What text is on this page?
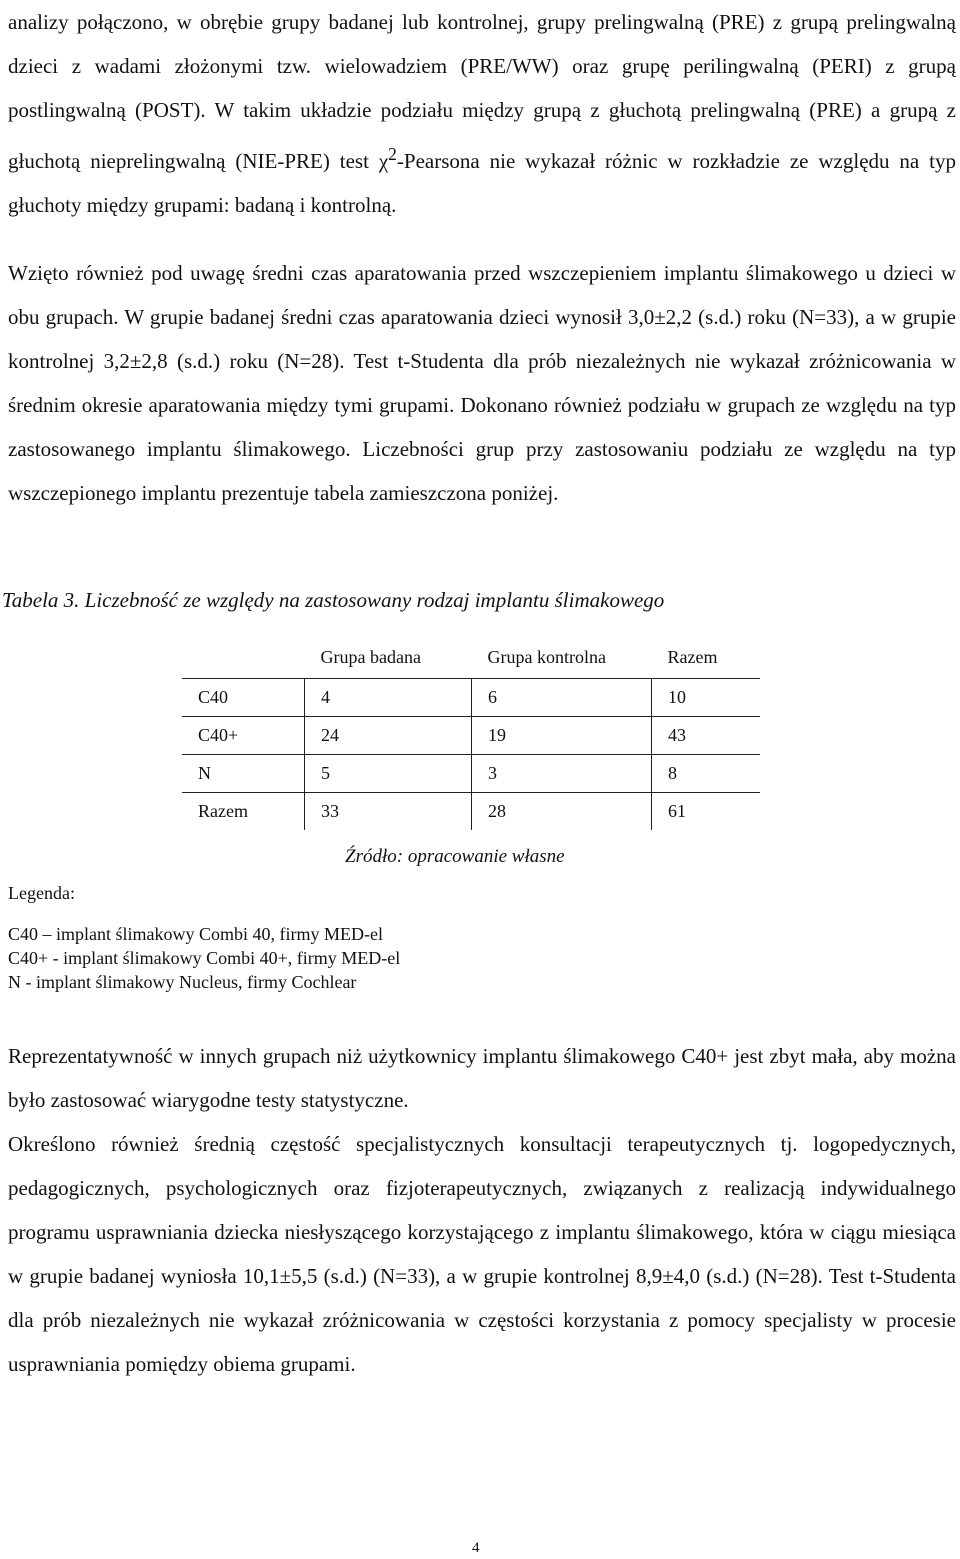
analizy połączono, w obrębie grupy badanej lub kontrolnej, grupy prelingwalną (PRE) z grupą prelingwalną dzieci z wadami złożonymi tzw. wielowadziem (PRE/WW) oraz grupę perilingwalną (PERI) z grupą postlingwalną (POST). W takim układzie podziału między grupą z głuchotą prelingwalną (PRE) a grupą z głuchotą nieprelingwalną (NIE-PRE) test $\chi^2$-Pearsona nie wykazał różnic w rozkładzie ze względu na typ głuchoty między grupami: badaną i kontrolną.

Wzięto również pod uwagę średni czas aparatowania przed wszczepieniem implantu ślimakowego u dzieci w obu grupach. W grupie badanej średni czas aparatowania dzieci wynosił 3,0±2,2 (s.d.) roku (N=33), a w grupie kontrolnej 3,2±2,8 (s.d.) roku (N=28). Test t-Studenta dla prób niezależnych nie wykazał zróżnicowania w średnim okresie aparatowania między tymi grupami. Dokonano również podziału w grupach ze względu na typ zastosowanego implantu ślimakowego. Liczebności grup przy zastosowaniu podziału ze względu na typ wszczepionego implantu prezentuje tabela zamieszczona poniżej.

Tabela 3. Liczebność ze względy na zastosowany rodzaj implantu ślimakowego
	Grupa badana	Grupa kontrolna	Razem
C40	4	6	10
C40+	24	19	43
N	5	3	8
Razem	33	28	61
Źródło: opracowanie własne
Legenda:
C40 – implant ślimakowy Combi 40, firmy MED-el
C40+ - implant ślimakowy Combi 40+, firmy MED-el
N - implant ślimakowy Nucleus, firmy Cochlear

Reprezentatywność w innych grupach niż użytkownicy implantu ślimakowego C40+ jest zbyt mała, aby można było zastosować wiarygodne testy statystyczne.

Określono również średnią częstość specjalistycznych konsultacji terapeutycznych tj. logopedycznych, pedagogicznych, psychologicznych oraz fizjoterapeutycznych, związanych z realizacją indywidualnego programu usprawniania dziecka niesłyszącego korzystającego z implantu ślimakowego, która w ciągu miesiąca w grupie badanej wyniosła 10,1±5,5 (s.d.) (N=33), a w grupie kontrolnej 8,9±4,0 (s.d.) (N=28). Test t-Studenta dla prób niezależnych nie wykazał zróżnicowania w częstości korzystania z pomocy specjalisty w procesie usprawniania pomiędzy obiema grupami.

4
